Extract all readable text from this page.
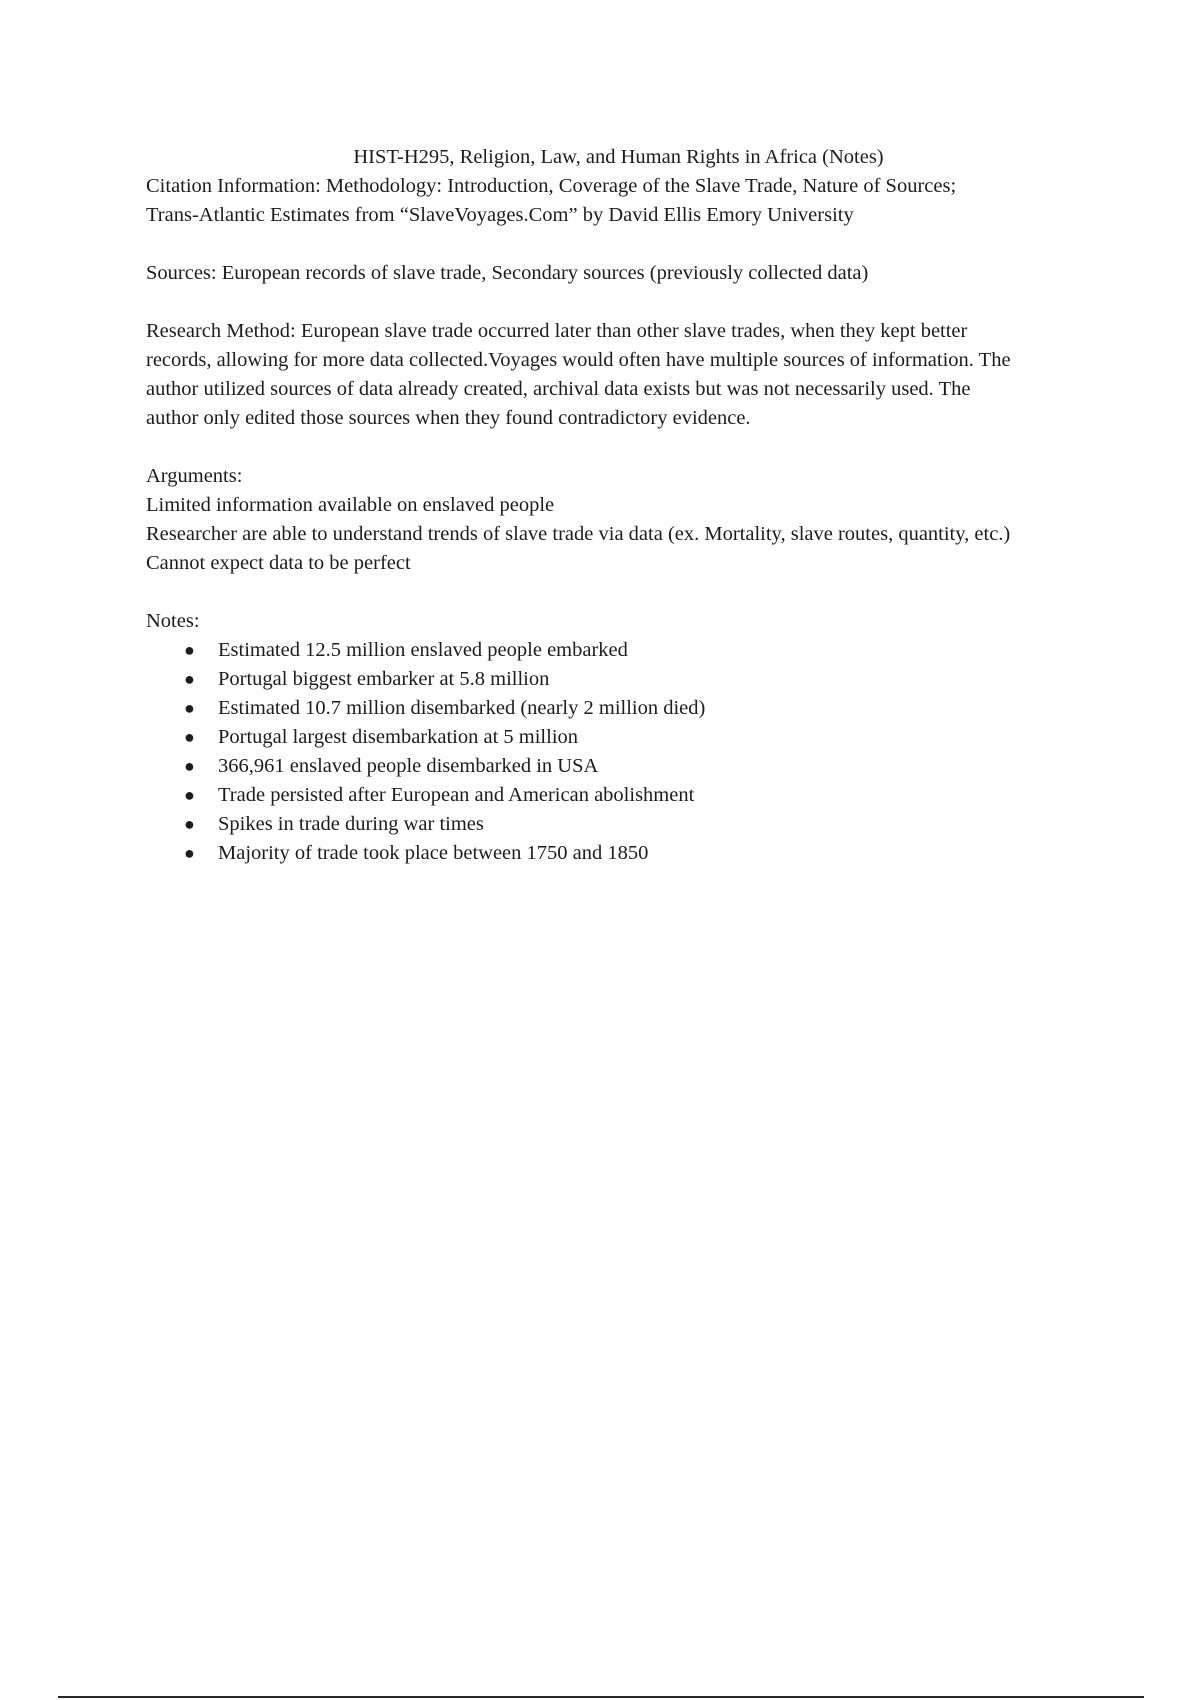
HIST-H295, Religion, Law, and Human Rights in Africa (Notes)

Citation Information: Methodology: Introduction, Coverage of the Slave Trade, Nature of Sources;

Trans-Atlantic Estimates from “SlaveVoyages.Com” by David Ellis Emory University

Sources: European records of slave trade, Secondary sources (previously collected data)

Research Method: European slave trade occurred later than other slave trades, when they kept better

records, allowing for more data collected.Voyages would often have multiple sources of information. The

author utilized sources of data already created, archival data exists but was not necessarily used. The

author only edited those sources when they found contradictory evidence.

Arguments:

Limited information available on enslaved people

Researcher are able to understand trends of slave trade via data (ex. Mortality, slave routes, quantity, etc.)

Cannot expect data to be perfect

Notes:

● Estimated 12.5 million enslaved people embarked
● Portugal biggest embarker at 5.8 million
● Estimated 10.7 million disembarked (nearly 2 million died)
● Portugal largest disembarkation at 5 million
● 366,961 enslaved people disembarked in USA
● Trade persisted after European and American abolishment
● Spikes in trade during war times
● Majority of trade took place between 1750 and 1850
